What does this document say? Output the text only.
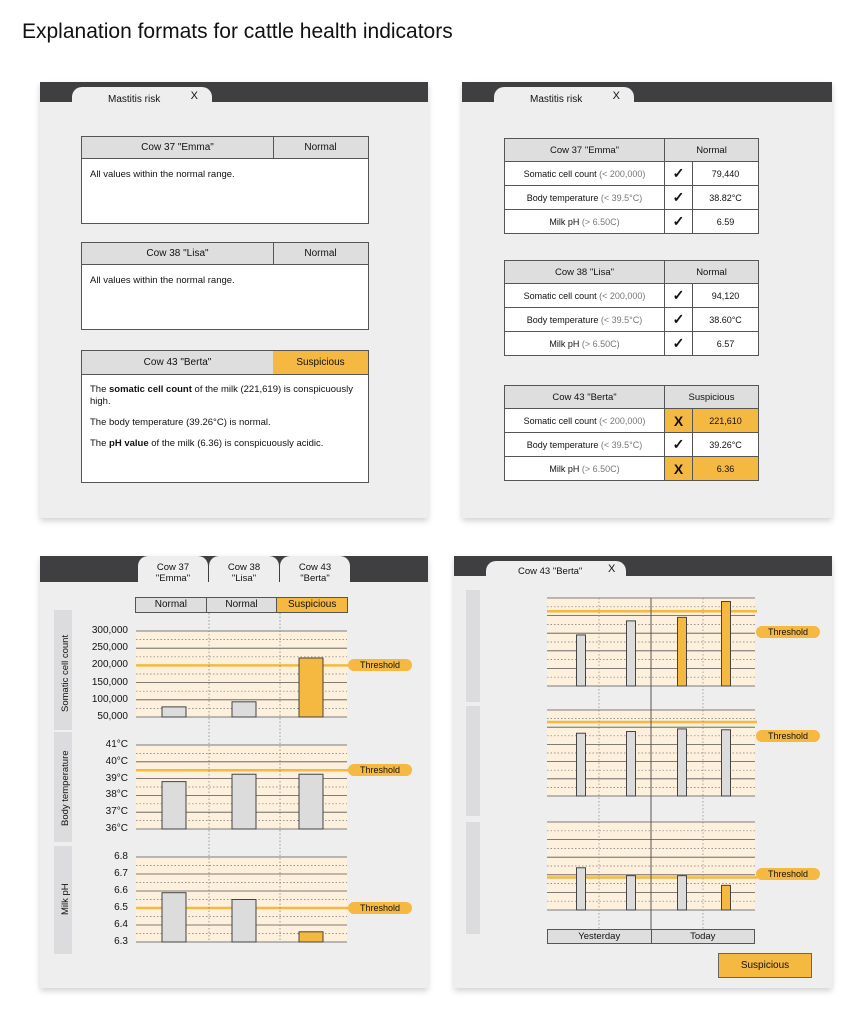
Explanation formats for cattle health indicators
Mastitis risk	X
Cow 37 "Emma"	Normal

All values within the normal range.

Cow 38 "Lisa"	Normal

All values within the normal range.

Cow 43 "Berta"	Suspicious

The somatic cell count of the milk (221,619) is conspicuously high.

The body temperature (39.26°C) is normal.

The pH value of the milk (6.36) is conspicuously acidic.

Mastitis risk	X
Cow 37 "Emma"	Normal	
Somatic cell count (< 200,000)	✓	79,440
Body temperature (< 39.5°C)	✓	38.82°C
Milk pH (> 6.50C)	✓	6.59
Cow 38 "Lisa"	Normal	
Somatic cell count (< 200,000)	✓	94,120
Body temperature (< 39.5°C)	✓	38.60°C
Milk pH (> 6.50C)	✓	6.57
Cow 43 "Berta"	Suspicious	
Somatic cell count (< 200,000)	X	221,610
Body temperature (< 39.5°C)	✓	39.26°C
Milk pH (> 6.50C)	X	6.36
Cow 37
"Emma"
Cow 38
"Lisa"
Cow 43
"Berta"
Normal	Normal	Suspicious
Somatic cell count
Body temperature
Milk pH
300,000
250,000
200,000
150,000
100,000
50,000
41°C
40°C
39°C
38°C
37°C
36°C
6.8
6.7
6.6
6.5
6.4
6.3
Cow 43 "Berta" X
Yesterday	Today
Suspicious
Threshold
Threshold
Threshold
Threshold
Threshold
Threshold
